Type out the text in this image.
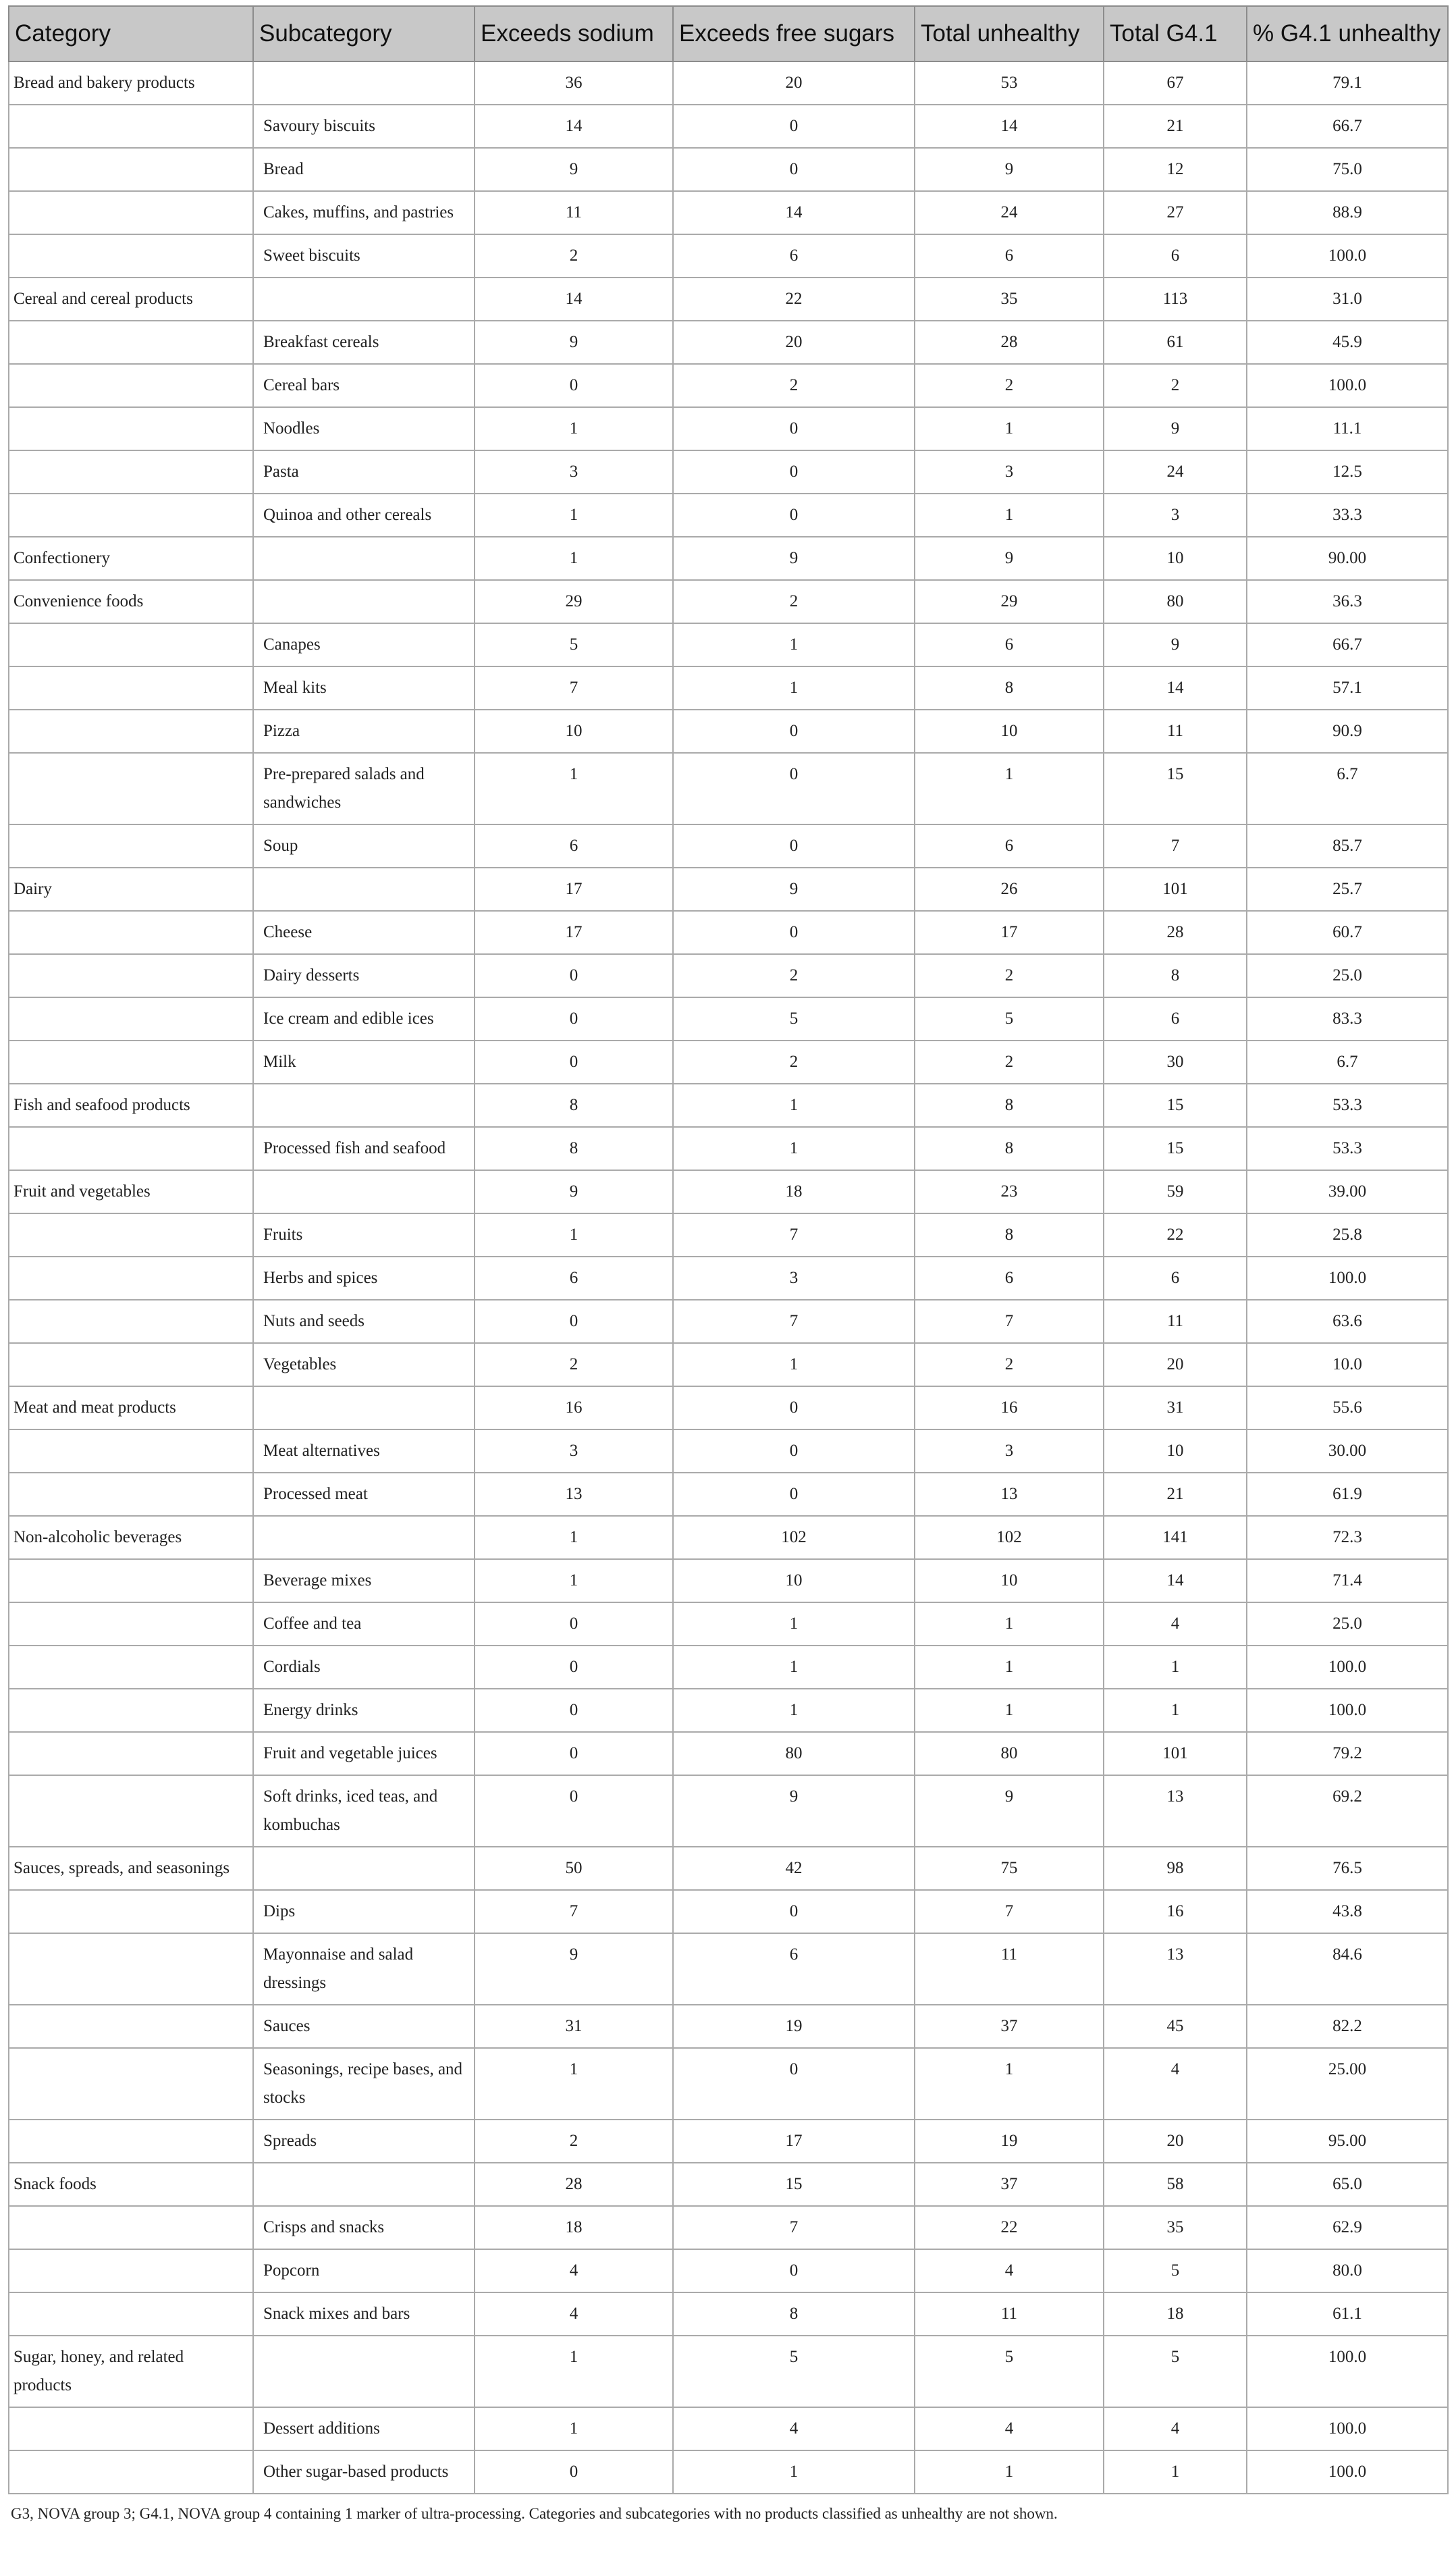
Category	Subcategory	Exceeds sodium	Exceeds free sugars	Total unhealthy	Total G4.1	% G4.1 unhealthy
Bread and bakery products		36	20	53	67	79.1
	Savoury biscuits	14	0	14	21	66.7
	Bread	9	0	9	12	75.0
	Cakes, muffins, and pastries	11	14	24	27	88.9
	Sweet biscuits	2	6	6	6	100.0
Cereal and cereal products		14	22	35	113	31.0
	Breakfast cereals	9	20	28	61	45.9
	Cereal bars	0	2	2	2	100.0
	Noodles	1	0	1	9	11.1
	Pasta	3	0	3	24	12.5
	Quinoa and other cereals	1	0	1	3	33.3
Confectionery		1	9	9	10	90.00
Convenience foods		29	2	29	80	36.3
	Canapes	5	1	6	9	66.7
	Meal kits	7	1	8	14	57.1
	Pizza	10	0	10	11	90.9
	Pre-prepared salads and sandwiches	1	0	1	15	6.7
	Soup	6	0	6	7	85.7
Dairy		17	9	26	101	25.7
	Cheese	17	0	17	28	60.7
	Dairy desserts	0	2	2	8	25.0
	Ice cream and edible ices	0	5	5	6	83.3
	Milk	0	2	2	30	6.7
Fish and seafood products		8	1	8	15	53.3
	Processed fish and seafood	8	1	8	15	53.3
Fruit and vegetables		9	18	23	59	39.00
	Fruits	1	7	8	22	25.8
	Herbs and spices	6	3	6	6	100.0
	Nuts and seeds	0	7	7	11	63.6
	Vegetables	2	1	2	20	10.0
Meat and meat products		16	0	16	31	55.6
	Meat alternatives	3	0	3	10	30.00
	Processed meat	13	0	13	21	61.9
Non-alcoholic beverages		1	102	102	141	72.3
	Beverage mixes	1	10	10	14	71.4
	Coffee and tea	0	1	1	4	25.0
	Cordials	0	1	1	1	100.0
	Energy drinks	0	1	1	1	100.0
	Fruit and vegetable juices	0	80	80	101	79.2
	Soft drinks, iced teas, and kombuchas	0	9	9	13	69.2
Sauces, spreads, and seasonings		50	42	75	98	76.5
	Dips	7	0	7	16	43.8
	Mayonnaise and salad dressings	9	6	11	13	84.6
	Sauces	31	19	37	45	82.2
	Seasonings, recipe bases, and stocks	1	0	1	4	25.00
	Spreads	2	17	19	20	95.00
Snack foods		28	15	37	58	65.0
	Crisps and snacks	18	7	22	35	62.9
	Popcorn	4	0	4	5	80.0
	Snack mixes and bars	4	8	11	18	61.1
Sugar, honey, and related products		1	5	5	5	100.0
	Dessert additions	1	4	4	4	100.0
	Other sugar-based products	0	1	1	1	100.0
G3, NOVA group 3; G4.1, NOVA group 4 containing 1 marker of ultra-processing. Categories and subcategories with no products classified as unhealthy are not shown.
